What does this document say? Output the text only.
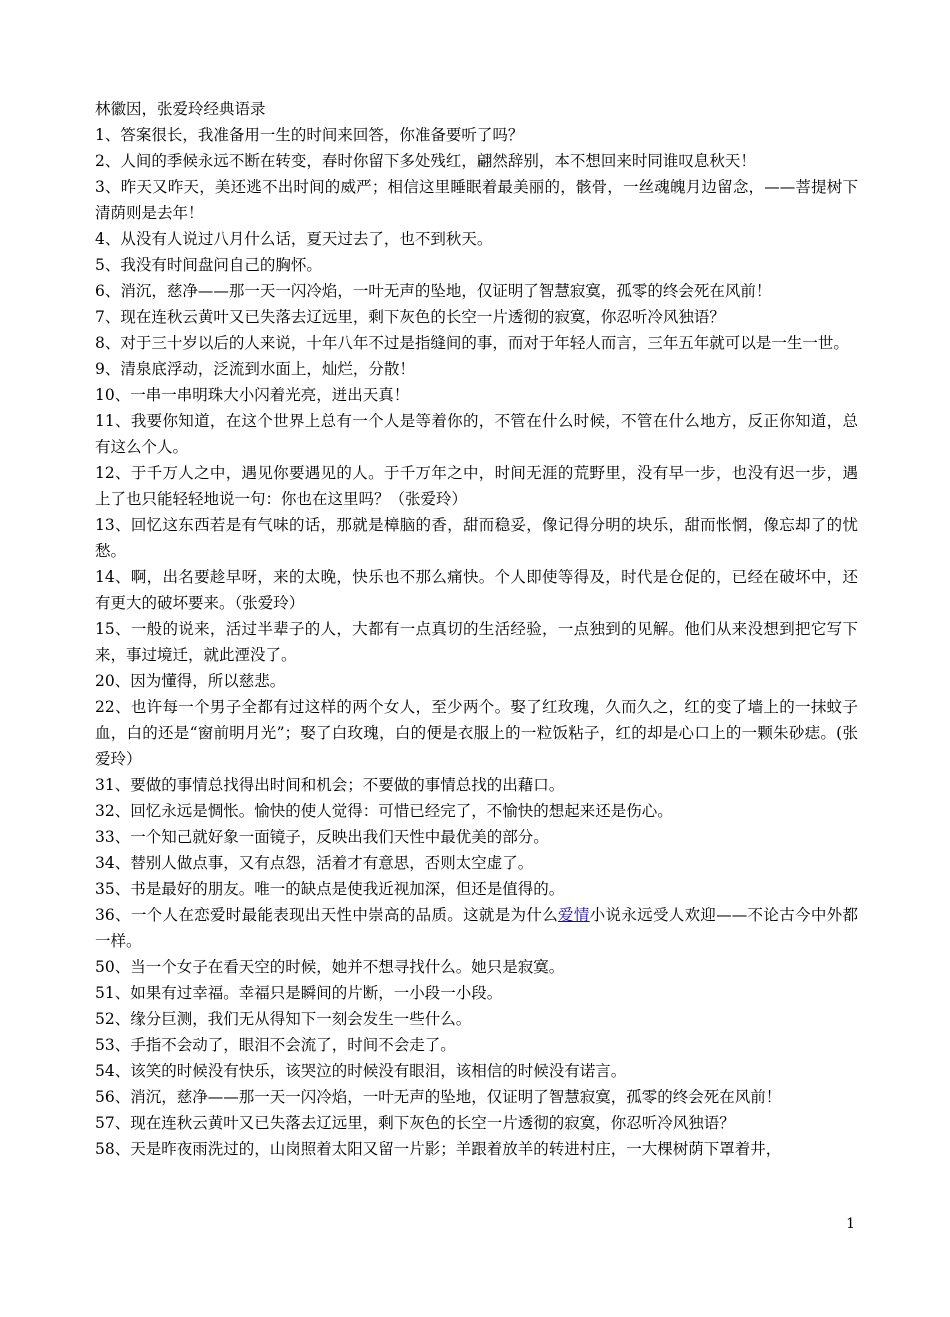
林徽因，张爱玲经典语录

1、答案很长，我准备用一生的时间来回答，你准备要听了吗？

2、人间的季候永远不断在转变，春时你留下多处残红，翩然辞别，本不想回来时同谁叹息秋天！

3、昨天又昨天，美还逃不出时间的威严；相信这里睡眠着最美丽的，骸骨，一丝魂魄月边留念，——菩提树下清荫则是去年！

4、从没有人说过八月什么话，夏天过去了，也不到秋天。

5、我没有时间盘问自己的胸怀。

6、消沉，慈净——那一天一闪冷焰，一叶无声的坠地，仅证明了智慧寂寞，孤零的终会死在风前！

7、现在连秋云黄叶又已失落去辽远里，剩下灰色的长空一片透彻的寂寞，你忍听冷风独语？

8、对于三十岁以后的人来说，十年八年不过是指缝间的事，而对于年轻人而言，三年五年就可以是一生一世。

9、清泉底浮动，泛流到水面上，灿烂，分散！

10、一串一串明珠大小闪着光亮，迸出天真！

11、我要你知道，在这个世界上总有一个人是等着你的，不管在什么时候，不管在什么地方，反正你知道，总有这么个人。

12、于千万人之中，遇见你要遇见的人。于千万年之中，时间无涯的荒野里，没有早一步，也没有迟一步，遇上了也只能轻轻地说一句：你也在这里吗？（张爱玲）

13、回忆这东西若是有气味的话，那就是樟脑的香，甜而稳妥，像记得分明的块乐，甜而怅惘，像忘却了的忧愁。

14、啊，出名要趁早呀，来的太晚，快乐也不那么痛快。个人即使等得及，时代是仓促的，已经在破坏中，还有更大的破坏要来。（张爱玲）

15、一般的说来，活过半辈子的人，大都有一点真切的生活经验，一点独到的见解。他们从来没想到把它写下来，事过境迁，就此湮没了。

20、因为懂得，所以慈悲。

22、也许每一个男子全都有过这样的两个女人，至少两个。娶了红玫瑰，久而久之，红的变了墙上的一抹蚊子血，白的还是“窗前明月光”；娶了白玫瑰，白的便是衣服上的一粒饭粘子，红的却是心口上的一颗朱砂痣。(张爱玲）

31、要做的事情总找得出时间和机会；不要做的事情总找的出藉口。

32、回忆永远是惆怅。愉快的使人觉得：可惜已经完了，不愉快的想起来还是伤心。

33、一个知己就好象一面镜子，反映出我们天性中最优美的部分。

34、替别人做点事，又有点怨，活着才有意思，否则太空虚了。

35、书是最好的朋友。唯一的缺点是使我近视加深，但还是值得的。

36、一个人在恋爱时最能表现出天性中崇高的品质。这就是为什么爱情小说永远受人欢迎——不论古今中外都一样。

50、当一个女子在看天空的时候，她并不想寻找什么。她只是寂寞。

51、如果有过幸福。幸福只是瞬间的片断，一小段一小段。

52、缘分巨测，我们无从得知下一刻会发生一些什么。

53、手指不会动了，眼泪不会流了，时间不会走了。

54、该笑的时候没有快乐，该哭泣的时候没有眼泪，该相信的时候没有诺言。

56、消沉，慈净——那一天一闪冷焰，一叶无声的坠地，仅证明了智慧寂寞，孤零的终会死在风前！

57、现在连秋云黄叶又已失落去辽远里，剩下灰色的长空一片透彻的寂寞，你忍听冷风独语？

58、天是昨夜雨洗过的，山岗照着太阳又留一片影；羊跟着放羊的转进村庄，一大棵树荫下罩着井，

1
